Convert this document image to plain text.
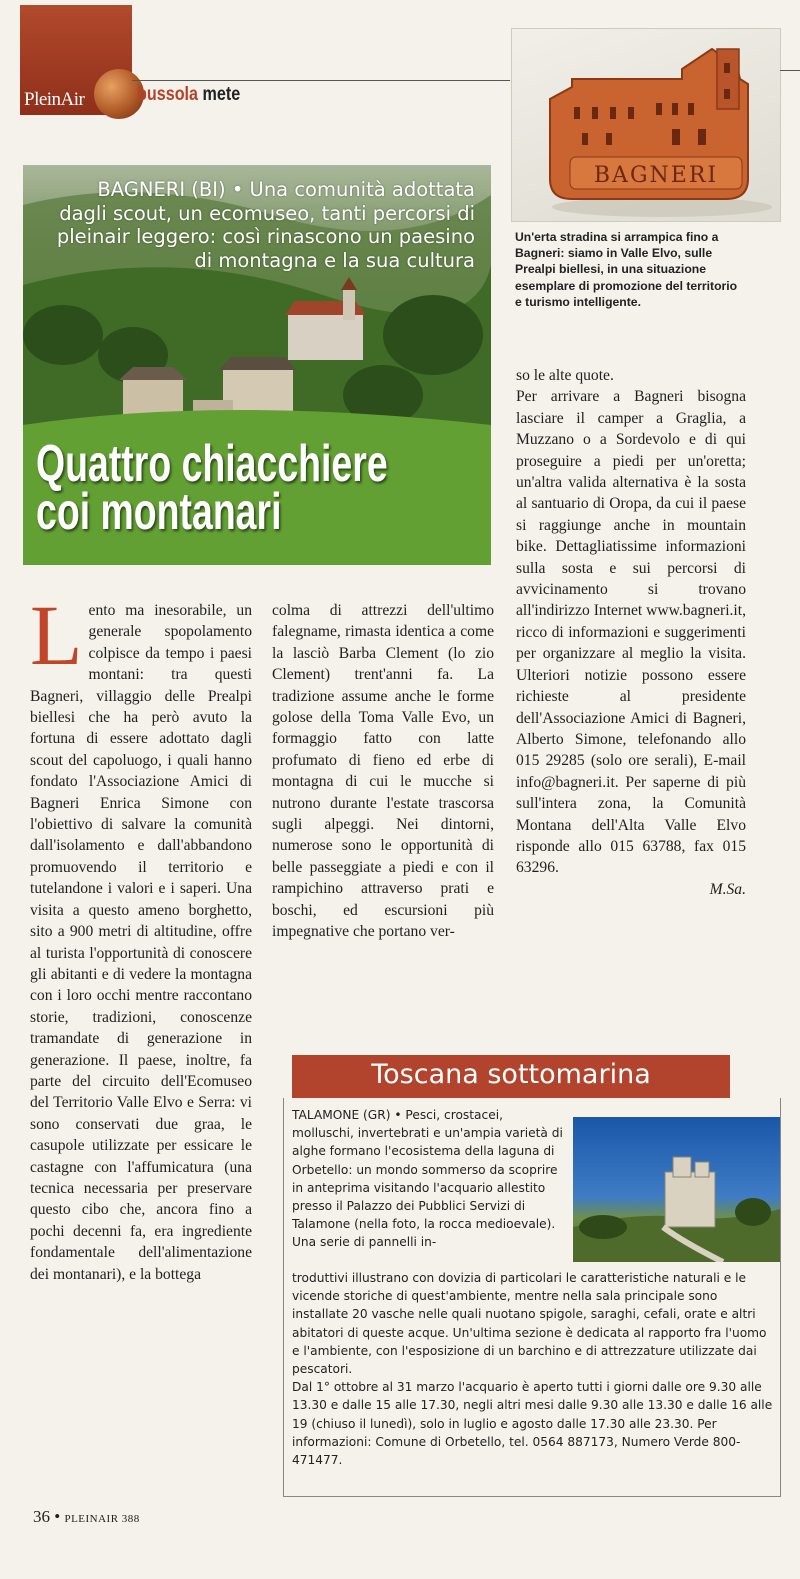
PleinAir	bussola mete
BAGNERI
Un'erta stradina si arrampica fino a Bagneri: siamo in Valle Elvo, sulle Prealpi biellesi, in una situazione esemplare di promozione del territorio e turismo intelligente.
BAGNERI (BI) • Una comunità adottata dagli scout, un ecomuseo, tanti percorsi di pleinair leggero: così rinascono un paesino di montagna e la sua cultura
Quattro chiacchiere
coi montanari

Lento ma inesorabile, un generale spopolamento colpisce da tempo i paesi montani: tra questi Bagneri, villaggio delle Prealpi biellesi che ha però avuto la fortuna di essere adottato dagli scout del capoluogo, i quali hanno fondato l'Associazione Amici di Bagneri Enrica Simone con l'obiettivo di salvare la comunità dall'isolamento e dall'abbandono promuovendo il territorio e tutelandone i valori e i saperi. Una visita a questo ameno borghetto, sito a 900 metri di altitudine, offre al turista l'opportunità di conoscere gli abitanti e di vedere la montagna con i loro occhi mentre raccontano storie, tradizioni, conoscenze tramandate di generazione in generazione. Il paese, inoltre, fa parte del circuito dell'Ecomuseo del Territorio Valle Elvo e Serra: vi sono conservati due graa, le casupole utilizzate per essicare le castagne con l'affumicatura (una tecnica necessaria per preservare questo cibo che, ancora fino a pochi decenni fa, era ingrediente fondamentale dell'alimentazione dei montanari), e la bottega

colma di attrezzi dell'ultimo falegname, rimasta identica a come la lasciò Barba Clement (lo zio Clement) trent'anni fa. La tradizione assume anche le forme golose della Toma Valle Evo, un formaggio fatto con latte profumato di fieno ed erbe di montagna di cui le mucche si nutrono durante l'estate trascorsa sugli alpeggi. Nei dintorni, numerose sono le opportunità di belle passeggiate a piedi e con il rampichino attraverso prati e boschi, ed escursioni più impegnative che portano ver-

so le alte quote.

Per arrivare a Bagneri bisogna lasciare il camper a Graglia, a Muzzano o a Sordevolo e di qui proseguire a piedi per un'oretta; un'altra valida alternativa è la sosta al santuario di Oropa, da cui il paese si raggiunge anche in mountain bike. Dettagliatissime informazioni sulla sosta e sui percorsi di avvicinamento si trovano all'indirizzo Internet www.bagneri.it, ricco di informazioni e suggerimenti per organizzare al meglio la visita. Ulteriori notizie possono essere richieste al presidente dell'Associazione Amici di Bagneri, Alberto Simone, telefonando allo 015 29285 (solo ore serali), E-mail info@bagneri.it. Per saperne di più sull'intera zona, la Comunità Montana dell'Alta Valle Elvo risponde allo 015 63788, fax 015 63296.

M.Sa.

Toscana sottomarina

TALAMONE (GR) • Pesci, crostacei, molluschi, invertebrati e un'ampia varietà di alghe formano l'ecosistema della laguna di Orbetello: un mondo sommerso da scoprire in anteprima visitando l'acquario allestito presso il Palazzo dei Pubblici Servizi di Talamone (nella foto, la rocca medioevale). Una serie di pannelli in-

troduttivi illustrano con dovizia di particolari le caratteristiche naturali e le vicende storiche di quest'ambiente, mentre nella sala principale sono installate 20 vasche nelle quali nuotano spigole, saraghi, cefali, orate e altri abitatori di queste acque. Un'ultima sezione è dedicata al rapporto fra l'uomo e l'ambiente, con l'esposizione di un barchino e di attrezzature utilizzate dai pescatori.

Dal 1° ottobre al 31 marzo l'acquario è aperto tutti i giorni dalle ore 9.30 alle 13.30 e dalle 15 alle 17.30, negli altri mesi dalle 9.30 alle 13.30 e dalle 16 alle 19 (chiuso il lunedì), solo in luglio e agosto dalle 17.30 alle 23.30. Per informazioni: Comune di Orbetello, tel. 0564 887173, Numero Verde 800-471477.

36 • PLEINAIR 388
